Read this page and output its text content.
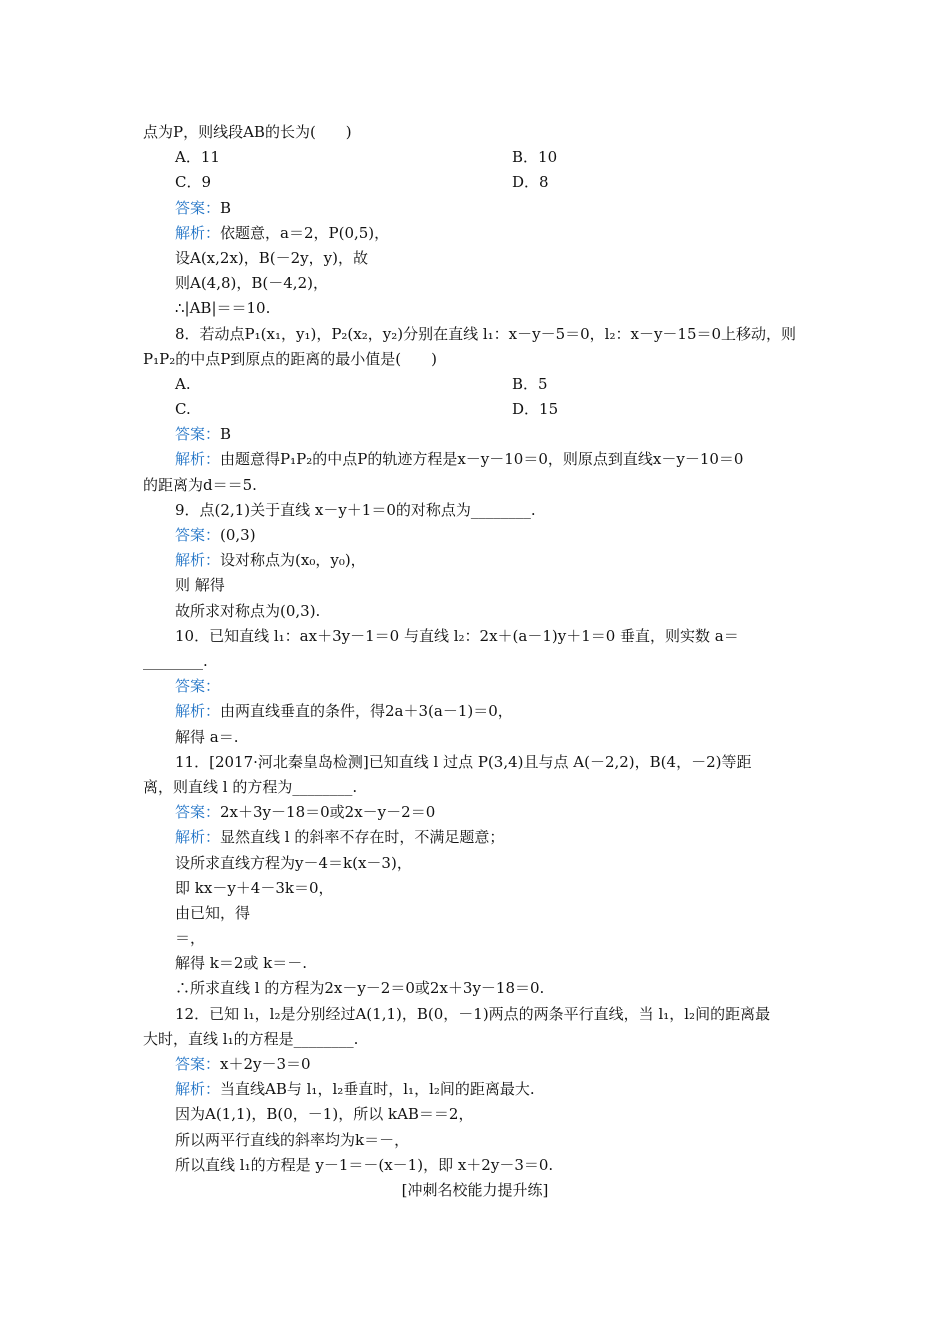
点为P，则线段AB的长为(　　)
A．11	B．10
C．9	D．8
答案：B
解析：依题意，a＝2，P(0,5)，
设A(x,2x)，B(－2y，y)，故
则A(4,8)，B(－4,2)，
∴|AB|＝＝10.
8．若动点P₁(x₁，y₁)，P₂(x₂，y₂)分别在直线 l₁：x－y－5＝0，l₂：x－y－15＝0上移动，则
P₁P₂的中点P到原点的距离的最小值是(　　)
A.	B．5
C.	D．15
答案：B
解析：由题意得P₁P₂的中点P的轨迹方程是x－y－10＝0，则原点到直线x－y－10＝0
的距离为d＝＝5.
9．点(2,1)关于直线 x－y＋1＝0的对称点为________.
答案：(0,3)
解析：设对称点为(x₀，y₀)，
则 解得
故所求对称点为(0,3).
10．已知直线 l₁：ax＋3y－1＝0 与直线 l₂：2x＋(a－1)y＋1＝0 垂直，则实数 a＝
________.
答案：
解析：由两直线垂直的条件，得2a＋3(a－1)＝0，
解得 a＝.
11．[2017·河北秦皇岛检测]已知直线 l 过点 P(3,4)且与点 A(－2,2)，B(4，－2)等距
离，则直线 l 的方程为________.
答案：2x＋3y－18＝0或2x－y－2＝0
解析：显然直线 l 的斜率不存在时，不满足题意；
设所求直线方程为y－4＝k(x－3)，
即 kx－y＋4－3k＝0，
由已知，得
＝，
解得 k＝2或 k＝－.
∴所求直线 l 的方程为2x－y－2＝0或2x＋3y－18＝0.
12．已知 l₁，l₂是分别经过A(1,1)，B(0，－1)两点的两条平行直线，当 l₁，l₂间的距离最
大时，直线 l₁的方程是________.
答案：x＋2y－3＝0
解析：当直线AB与 l₁，l₂垂直时，l₁，l₂间的距离最大.
因为A(1,1)，B(0，－1)，所以 kAB＝＝2，
所以两平行直线的斜率均为k＝－，
所以直线 l₁的方程是 y－1＝－(x－1)，即 x＋2y－3＝0.
[冲刺名校能力提升练]
